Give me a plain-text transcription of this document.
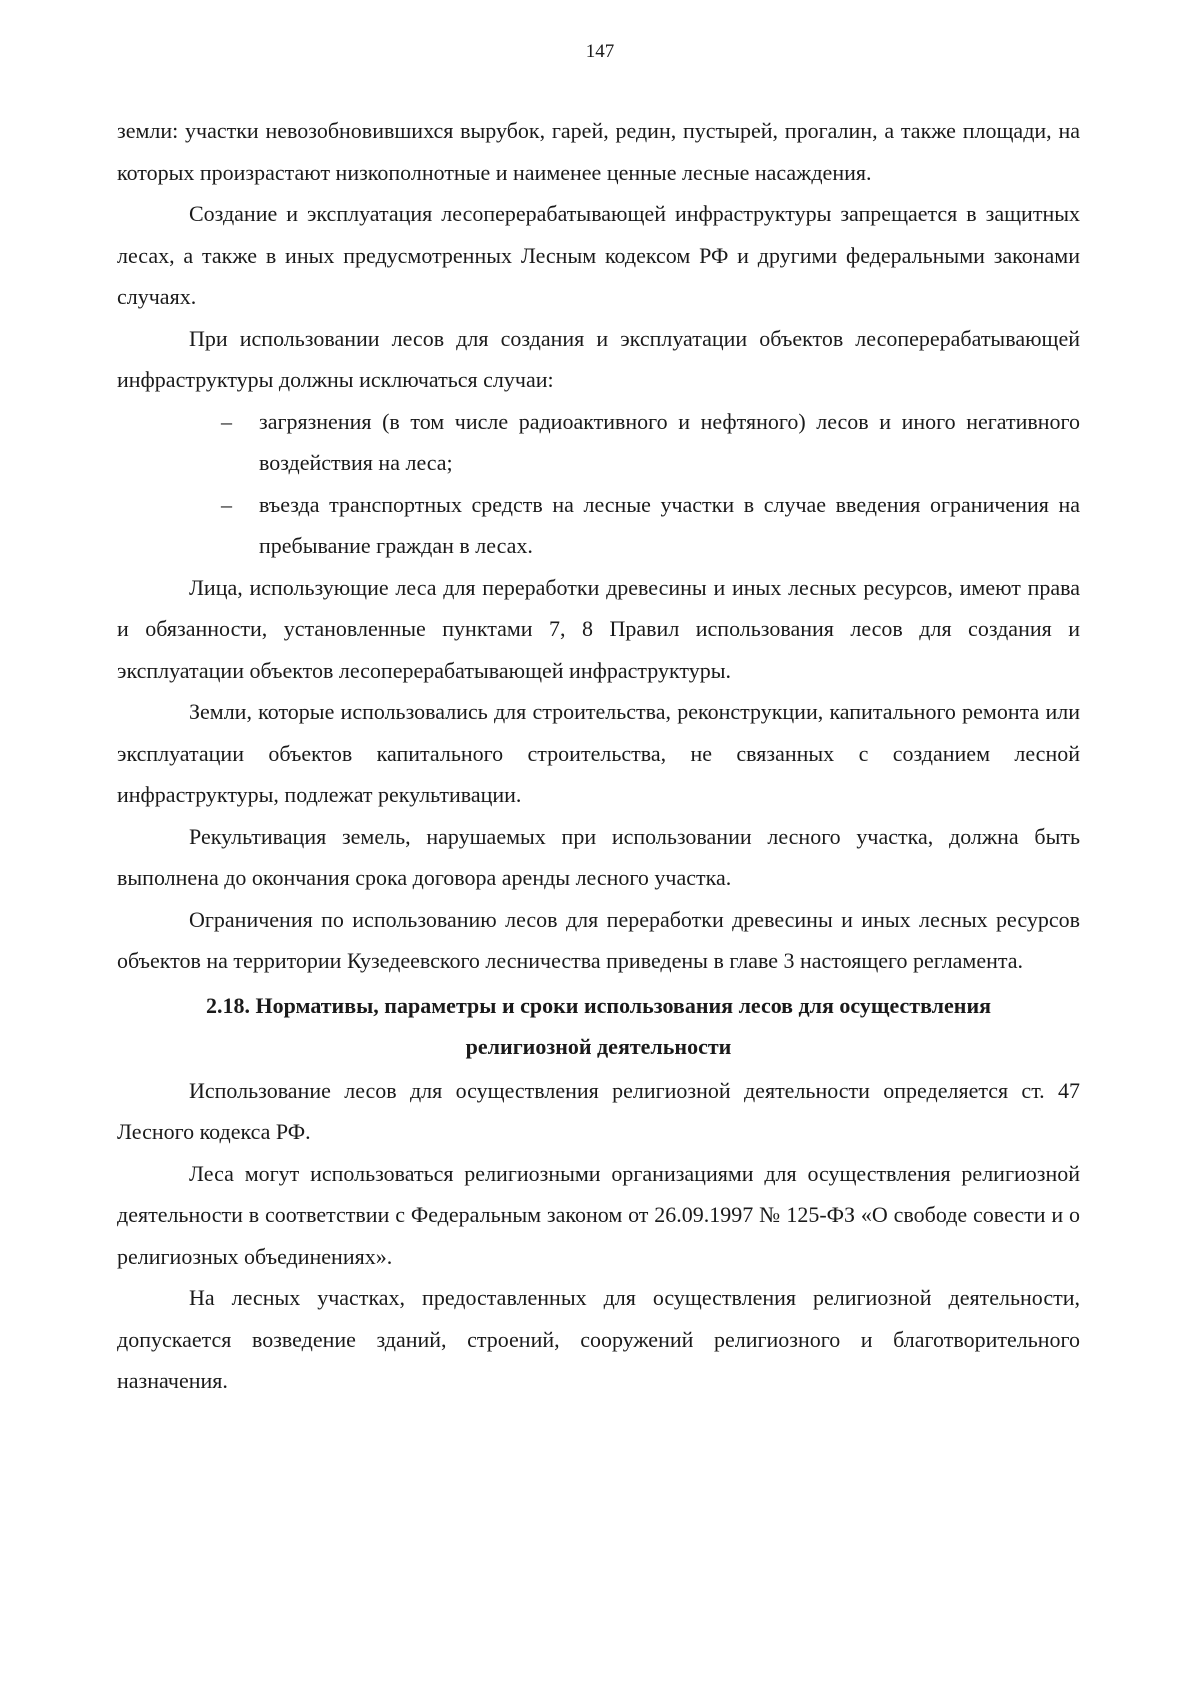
147

земли: участки невозобновившихся вырубок, гарей, редин, пустырей, прогалин, а также площади, на которых произрастают низкополнотные и наименее ценные лесные насаждения.

Создание и эксплуатация лесоперерабатывающей инфраструктуры запрещается в защитных лесах, а также в иных предусмотренных Лесным кодексом РФ и другими федеральными законами случаях.

При использовании лесов для создания и эксплуатации объектов лесоперерабатывающей инфраструктуры должны исключаться случаи:

– загрязнения (в том числе радиоактивного и нефтяного) лесов и иного негативного воздействия на леса;
– въезда транспортных средств на лесные участки в случае введения ограничения на пребывание граждан в лесах.

Лица, использующие леса для переработки древесины и иных лесных ресурсов, имеют права и обязанности, установленные пунктами 7, 8 Правил использования лесов для создания и эксплуатации объектов лесоперерабатывающей инфраструктуры.

Земли, которые использовались для строительства, реконструкции, капитального ремонта или эксплуатации объектов капитального строительства, не связанных с созданием лесной инфраструктуры, подлежат рекультивации.

Рекультивация земель, нарушаемых при использовании лесного участка, должна быть выполнена до окончания срока договора аренды лесного участка.

Ограничения по использованию лесов для переработки древесины и иных лесных ресурсов объектов на территории Кузедеевского лесничества приведены в главе 3 настоящего регламента.

2.18. Нормативы, параметры и сроки использования лесов для осуществления
религиозной деятельности

Использование лесов для осуществления религиозной деятельности определяется ст. 47 Лесного кодекса РФ.

Леса могут использоваться религиозными организациями для осуществления религиозной деятельности в соответствии с Федеральным законом от 26.09.1997 № 125-ФЗ «О свободе совести и о религиозных объединениях».

На лесных участках, предоставленных для осуществления религиозной деятельности, допускается возведение зданий, строений, сооружений религиозного и благотворительного назначения.
